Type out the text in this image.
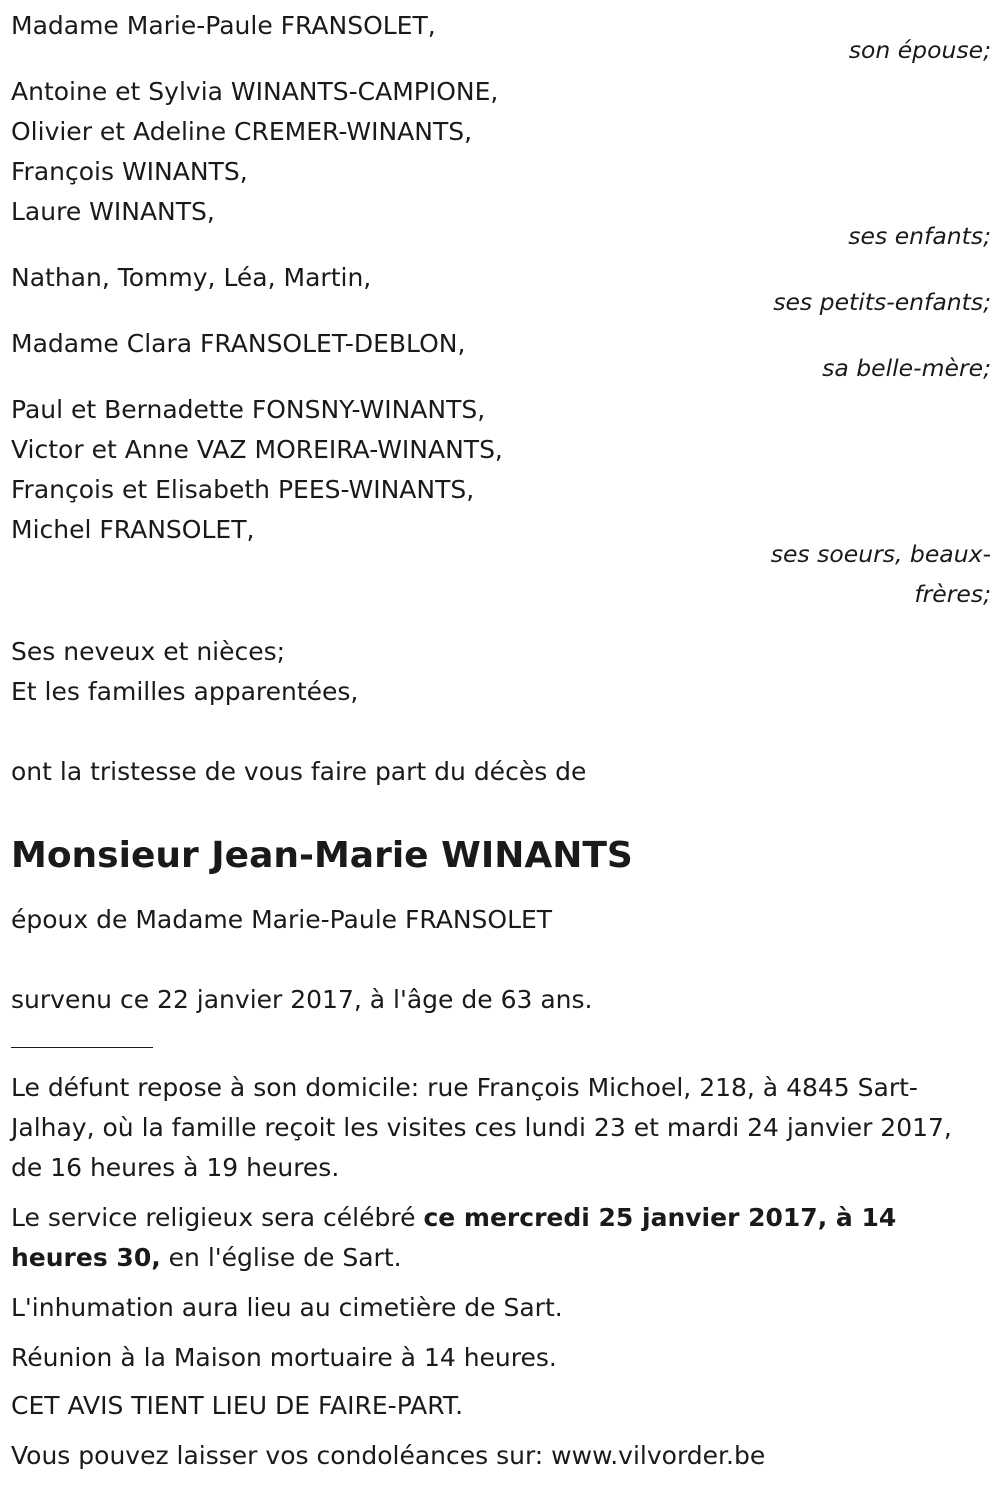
Madame Marie-Paule FRANSOLET,
son épouse;
Antoine et Sylvia WINANTS-CAMPIONE,
Olivier et Adeline CREMER-WINANTS,
François WINANTS,
Laure WINANTS,
ses enfants;
Nathan, Tommy, Léa, Martin,
ses petits-enfants;
Madame Clara FRANSOLET-DEBLON,
sa belle-mère;
Paul et Bernadette FONSNY-WINANTS,
Victor et Anne VAZ MOREIRA-WINANTS,
François et Elisabeth PEES-WINANTS,
Michel FRANSOLET,
ses soeurs, beaux-frères;
Ses neveux et nièces;
Et les familles apparentées,
ont la tristesse de vous faire part du décès de
Monsieur Jean-Marie WINANTS
époux de Madame Marie-Paule FRANSOLET
survenu ce 22 janvier 2017, à l'âge de 63 ans.

Le défunt repose à son domicile: rue François Michoel, 218, à 4845 Sart-Jalhay, où la famille reçoit les visites ces lundi 23 et mardi 24 janvier 2017, de 16 heures à 19 heures.

Le service religieux sera célébré ce mercredi 25 janvier 2017, à 14 heures 30, en l'église de Sart.

L'inhumation aura lieu au cimetière de Sart.

Réunion à la Maison mortuaire à 14 heures.

CET AVIS TIENT LIEU DE FAIRE-PART.

Vous pouvez laisser vos condoléances sur: www.vilvorder.be
